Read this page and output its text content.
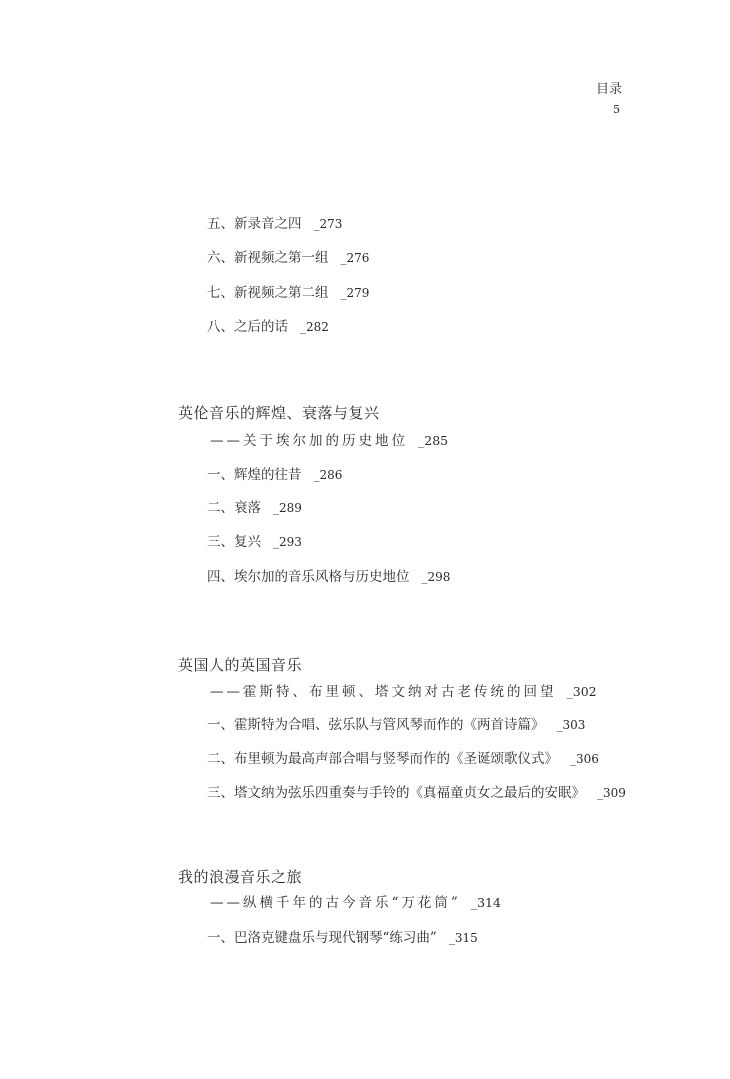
目录
5
五、新录音之四 _273
六、新视频之第一组 _276
七、新视频之第二组 _279
八、之后的话 _282
英伦音乐的辉煌、衰落与复兴
——关于埃尔加的历史地位 _285
一、辉煌的往昔 _286
二、衰落 _289
三、复兴 _293
四、埃尔加的音乐风格与历史地位 _298
英国人的英国音乐
——霍斯特、布里顿、塔文纳对古老传统的回望 _302
一、霍斯特为合唱、弦乐队与管风琴而作的《两首诗篇》 _303
二、布里顿为最高声部合唱与竖琴而作的《圣诞颂歌仪式》 _306
三、塔文纳为弦乐四重奏与手铃的《真福童贞女之最后的安眠》 _309
我的浪漫音乐之旅
——纵横千年的古今音乐“万花筒” _314
一、巴洛克键盘乐与现代钢琴“练习曲” _315
